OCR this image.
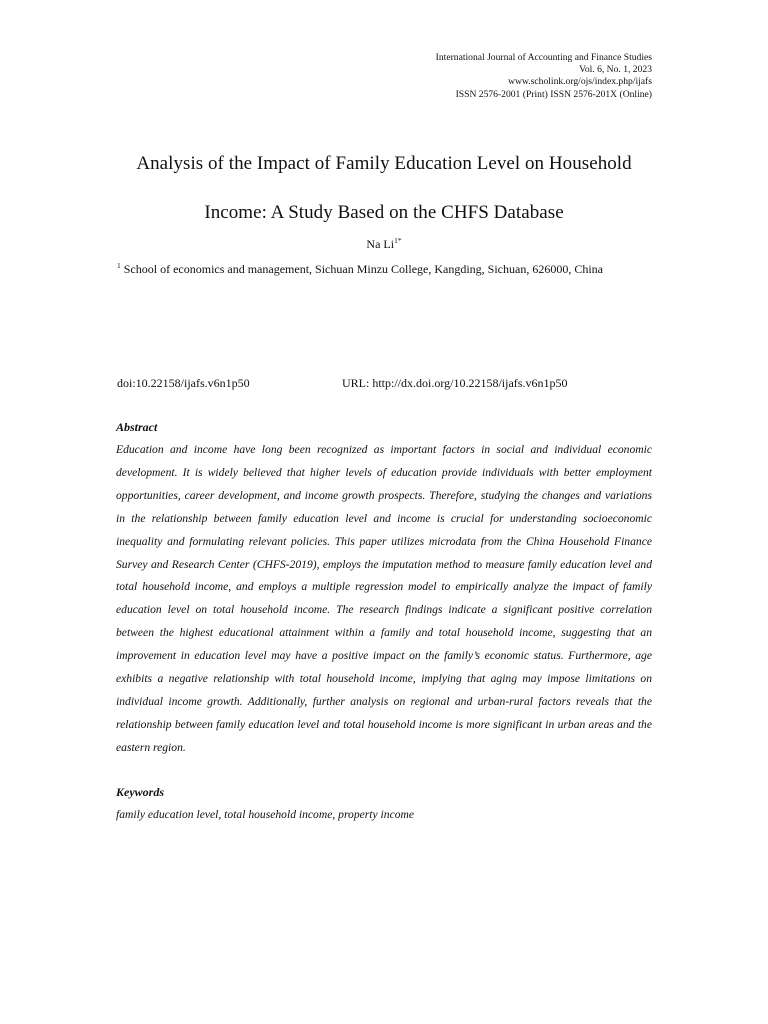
International Journal of Accounting and Finance Studies
Vol. 6, No. 1, 2023
www.scholink.org/ojs/index.php/ijafs
ISSN 2576-2001 (Print) ISSN 2576-201X (Online)
Analysis of the Impact of Family Education Level on Household
Income: A Study Based on the CHFS Database
Na $Li^{1*}$
$^1$ School of economics and management, Sichuan Minzu College, Kangding, Sichuan, 626000, China
doi:10.22158/ijafs.v6n1p50	URL: http://dx.doi.org/10.22158/ijafs.v6n1p50
Abstract

Education and income have long been recognized as important factors in social and individual economic development. It is widely believed that higher levels of education provide individuals with better employment opportunities, career development, and income growth prospects. Therefore, studying the changes and variations in the relationship between family education level and income is crucial for understanding socioeconomic inequality and formulating relevant policies. This paper utilizes microdata from the China Household Finance Survey and Research Center (CHFS-2019), employs the imputation method to measure family education level and total household income, and employs a multiple regression model to empirically analyze the impact of family education level on total household income. The research findings indicate a significant positive correlation between the highest educational attainment within a family and total household income, suggesting that an improvement in education level may have a positive impact on the family’s economic status. Furthermore, age exhibits a negative relationship with total household income, implying that aging may impose limitations on individual income growth. Additionally, further analysis on regional and urban-rural factors reveals that the relationship between family education level and total household income is more significant in urban areas and the eastern region.

Keywords
family education level, total household income, property income
